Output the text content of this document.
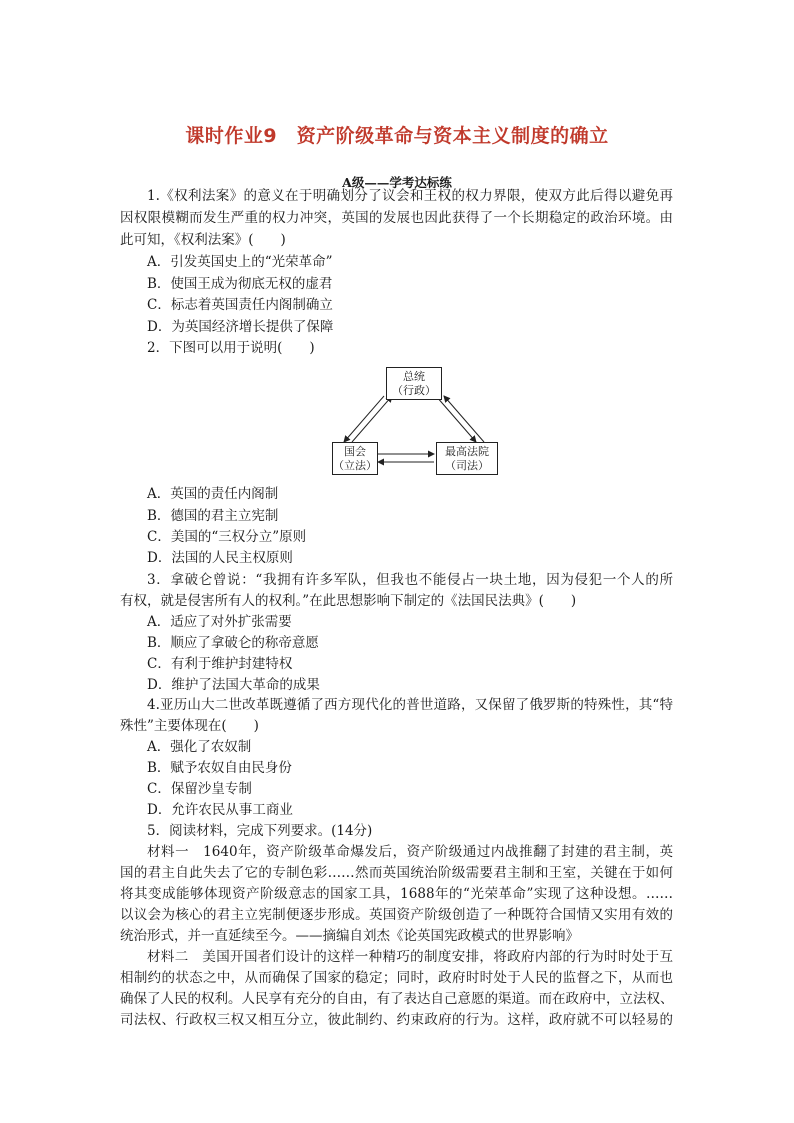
课时作业9　资产阶级革命与资本主义制度的确立
A级——学考达标练
1.《权利法案》的意义在于明确划分了议会和王权的权力界限，使双方此后得以避免再
因权限模糊而发生严重的权力冲突，英国的发展也因此获得了一个长期稳定的政治环境。由
此可知，《权利法案》(　　)
A．引发英国史上的“光荣革命”
B．使国王成为彻底无权的虚君
C．标志着英国责任内阁制确立
D．为英国经济增长提供了保障
2．下图可以用于说明(　　)
总统
（行政）
国会
（立法）
最高法院
（司法）
A．英国的责任内阁制
B．德国的君主立宪制
C．美国的“三权分立”原则
D．法国的人民主权原则
3．拿破仑曾说：“我拥有许多军队，但我也不能侵占一块土地，因为侵犯一个人的所
有权，就是侵害所有人的权利。”在此思想影响下制定的《法国民法典》(　　)
A．适应了对外扩张需要
B．顺应了拿破仑的称帝意愿
C．有利于维护封建特权
D．维护了法国大革命的成果
4.亚历山大二世改革既遵循了西方现代化的普世道路，又保留了俄罗斯的特殊性，其“特
殊性”主要体现在(　　)
A．强化了农奴制
B．赋予农奴自由民身份
C．保留沙皇专制
D．允许农民从事工商业
5．阅读材料，完成下列要求。(14分)
材料一　1640年，资产阶级革命爆发后，资产阶级通过内战推翻了封建的君主制，英
国的君主自此失去了它的专制色彩……然而英国统治阶级需要君主制和王室，关键在于如何
将其变成能够体现资产阶级意志的国家工具，1688年的“光荣革命”实现了这种设想。……
以议会为核心的君主立宪制便逐步形成。英国资产阶级创造了一种既符合国情又实用有效的
统治形式，并一直延续至今。——摘编自刘杰《论英国宪政模式的世界影响》
材料二　美国开国者们设计的这样一种精巧的制度安排，将政府内部的行为时时处于互
相制约的状态之中，从而确保了国家的稳定；同时，政府时时处于人民的监督之下，从而也
确保了人民的权利。人民享有充分的自由，有了表达自己意愿的渠道。而在政府中，立法权、
司法权、行政权三权又相互分立，彼此制约、约束政府的行为。这样，政府就不可以轻易的
